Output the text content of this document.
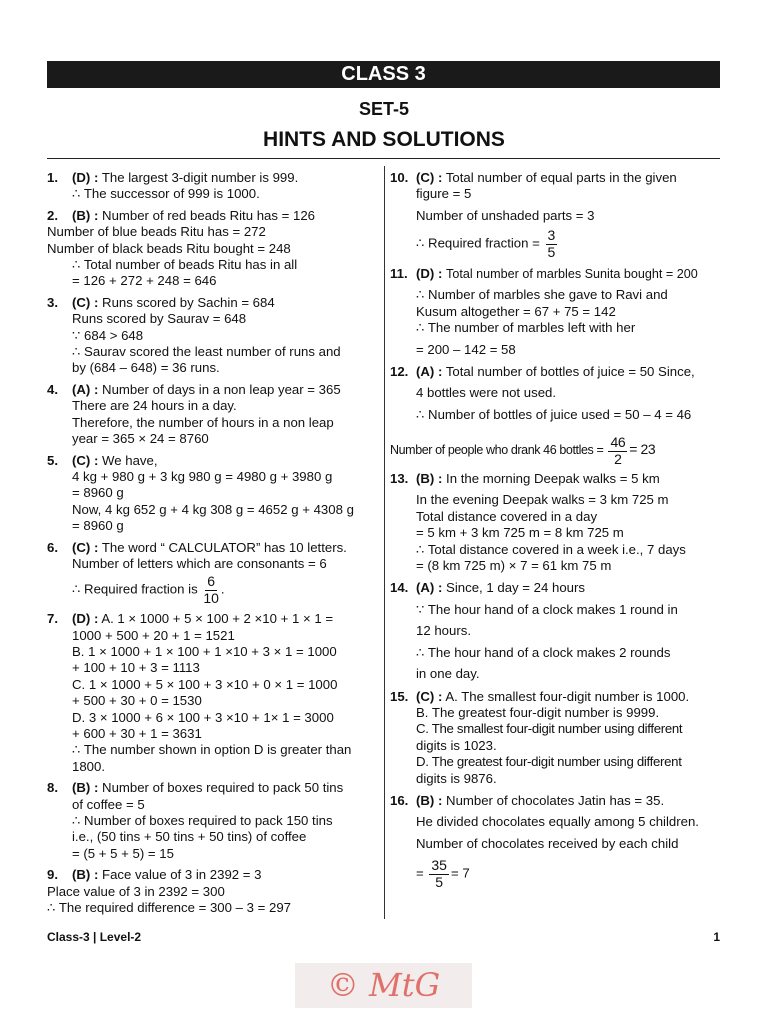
CLASS 3
SET-5
HINTS AND SOLUTIONS
1. (D) : The largest 3-digit number is 999.
∴ The successor of 999 is 1000.
2. (B) : Number of red beads Ritu has = 126
Number of blue beads Ritu has = 272
Number of black beads Ritu bought = 248
∴ Total number of beads Ritu has in all
= 126 + 272 + 248 = 646
3. (C) : Runs scored by Sachin = 684
Runs scored by Saurav = 648
∵ 684 > 648
∴ Saurav scored the least number of runs and
by (684 – 648) = 36 runs.
4. (A) : Number of days in a non leap year = 365
There are 24 hours in a day.
Therefore, the number of hours in a non leap
year = 365 × 24 = 8760
5. (C) : We have,
4 kg + 980 g + 3 kg 980 g = 4980 g + 3980 g
= 8960 g
Now, 4 kg 652 g + 4 kg 308 g = 4652 g + 4308 g
= 8960 g
6. (C) : The word “ CALCULATOR” has 10 letters.
Number of letters which are consonants = 6
∴ Required fraction is $\frac{6}{10}$ .
7. (D) : A. 1 × 1000 + 5 × 100 + 2 ×10 + 1 × 1 =
1000 + 500 + 20 + 1 = 1521
B. 1 × 1000 + 1 × 100 + 1 ×10 + 3 × 1 = 1000
+ 100 + 10 + 3 = 1113
C. 1 × 1000 + 5 × 100 + 3 ×10 + 0 × 1 = 1000
+ 500 + 30 + 0 = 1530
D. 3 × 1000 + 6 × 100 + 3 ×10 + 1× 1 = 3000
+ 600 + 30 + 1 = 3631
∴ The number shown in option D is greater than
1800.
8. (B) : Number of boxes required to pack 50 tins
of coffee = 5
∴ Number of boxes required to pack 150 tins
i.e., (50 tins + 50 tins + 50 tins) of coffee
= (5 + 5 + 5) = 15
9. (B) : Face value of 3 in 2392 = 3
Place value of 3 in 2392 = 300
∴ The required difference = 300 – 3 = 297
10. (C) : Total number of equal parts in the given
figure = 5
Number of unshaded parts = 3
∴ Required fraction = $\frac{3}{5}$
11. (D) : Total number of marbles Sunita bought = 200
∴ Number of marbles she gave to Ravi and
Kusum altogether = 67 + 75 = 142
∴ The number of marbles left with her
= 200 – 142 = 58
12. (A) : Total number of bottles of juice = 50 Since,
4 bottles were not used.
∴ Number of bottles of juice used = 50 – 4 = 46
Number of people who drank 46 bottles = $\frac{46}{2} = 23$
13. (B) : In the morning Deepak walks = 5 km
In the evening Deepak walks = 3 km 725 m
Total distance covered in a day
= 5 km + 3 km 725 m = 8 km 725 m
∴ Total distance covered in a week i.e., 7 days
= (8 km 725 m) × 7 = 61 km 75 m
14. (A) : Since, 1 day = 24 hours
∵ The hour hand of a clock makes 1 round in
12 hours.
∴ The hour hand of a clock makes 2 rounds
in one day.
15. (C) : A. The smallest four-digit number is 1000.
B. The greatest four-digit number is 9999.
C. The smallest four-digit number using different
digits is 1023.
D. The greatest four-digit number using different
digits is 9876.
16. (B) : Number of chocolates Jatin has = 35.
He divided chocolates equally among 5 children.
Number of chocolates received by each child
= $\frac{35}{5} = 7$
Class-3 | Level-2	1
© MtG
